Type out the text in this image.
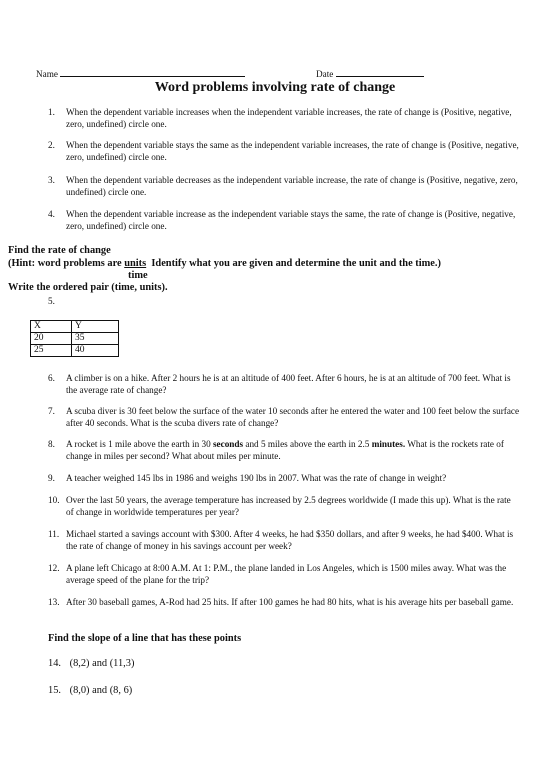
Name	Date
Word problems involving rate of change
1.	When the dependent variable increases when the independent variable increases, the rate of change is (Positive, negative, zero, undefined) circle one.
2.	When the dependent variable stays the same as the independent variable increases, the rate of change is (Positive, negative, zero, undefined) circle one.
3.	When the dependent variable decreases as the independent variable increase, the rate of change is (Positive, negative, zero, undefined) circle one.
4.	When the dependent variable increase as the independent variable stays the same, the rate of change is (Positive, negative, zero, undefined) circle one.
Find the rate of change
(Hint: word problems are units  Identify what you are given and determine the unit and the time.)
time
Write the ordered pair (time, units).
5.
X	Y
20	35
25	40
6.	A climber is on a hike. After 2 hours he is at an altitude of 400 feet. After 6 hours, he is at an altitude of 700 feet. What is the average rate of change?
7.	A scuba diver is 30 feet below the surface of the water 10 seconds after he entered the water and 100 feet below the surface after 40 seconds. What is the scuba divers rate of change?
8.	A rocket is 1 mile above the earth in 30 seconds and 5 miles above the earth in 2.5 minutes. What is the rockets rate of change in miles per second? What about miles per minute.
9.	A teacher weighed 145 lbs in 1986 and weighs 190 lbs in 2007. What was the rate of change in weight?
10. Over the last 50 years, the average temperature has increased by 2.5 degrees worldwide (I made this up). What is the rate of change in worldwide temperatures per year?
11. Michael started a savings account with $300. After 4 weeks, he had $350 dollars, and after 9 weeks, he had $400. What is the rate of change of money in his savings account per week?
12. A plane left Chicago at 8:00 A.M. At 1: P.M., the plane landed in Los Angeles, which is 1500 miles away. What was the average speed of the plane for the trip?
13. After 30 baseball games, A-Rod had 25 hits. If after 100 games he had 80 hits, what is his average hits per baseball game.
Find the slope of a line that has these points
14. (8,2) and (11,3)
15. (8,0) and (8, 6)
